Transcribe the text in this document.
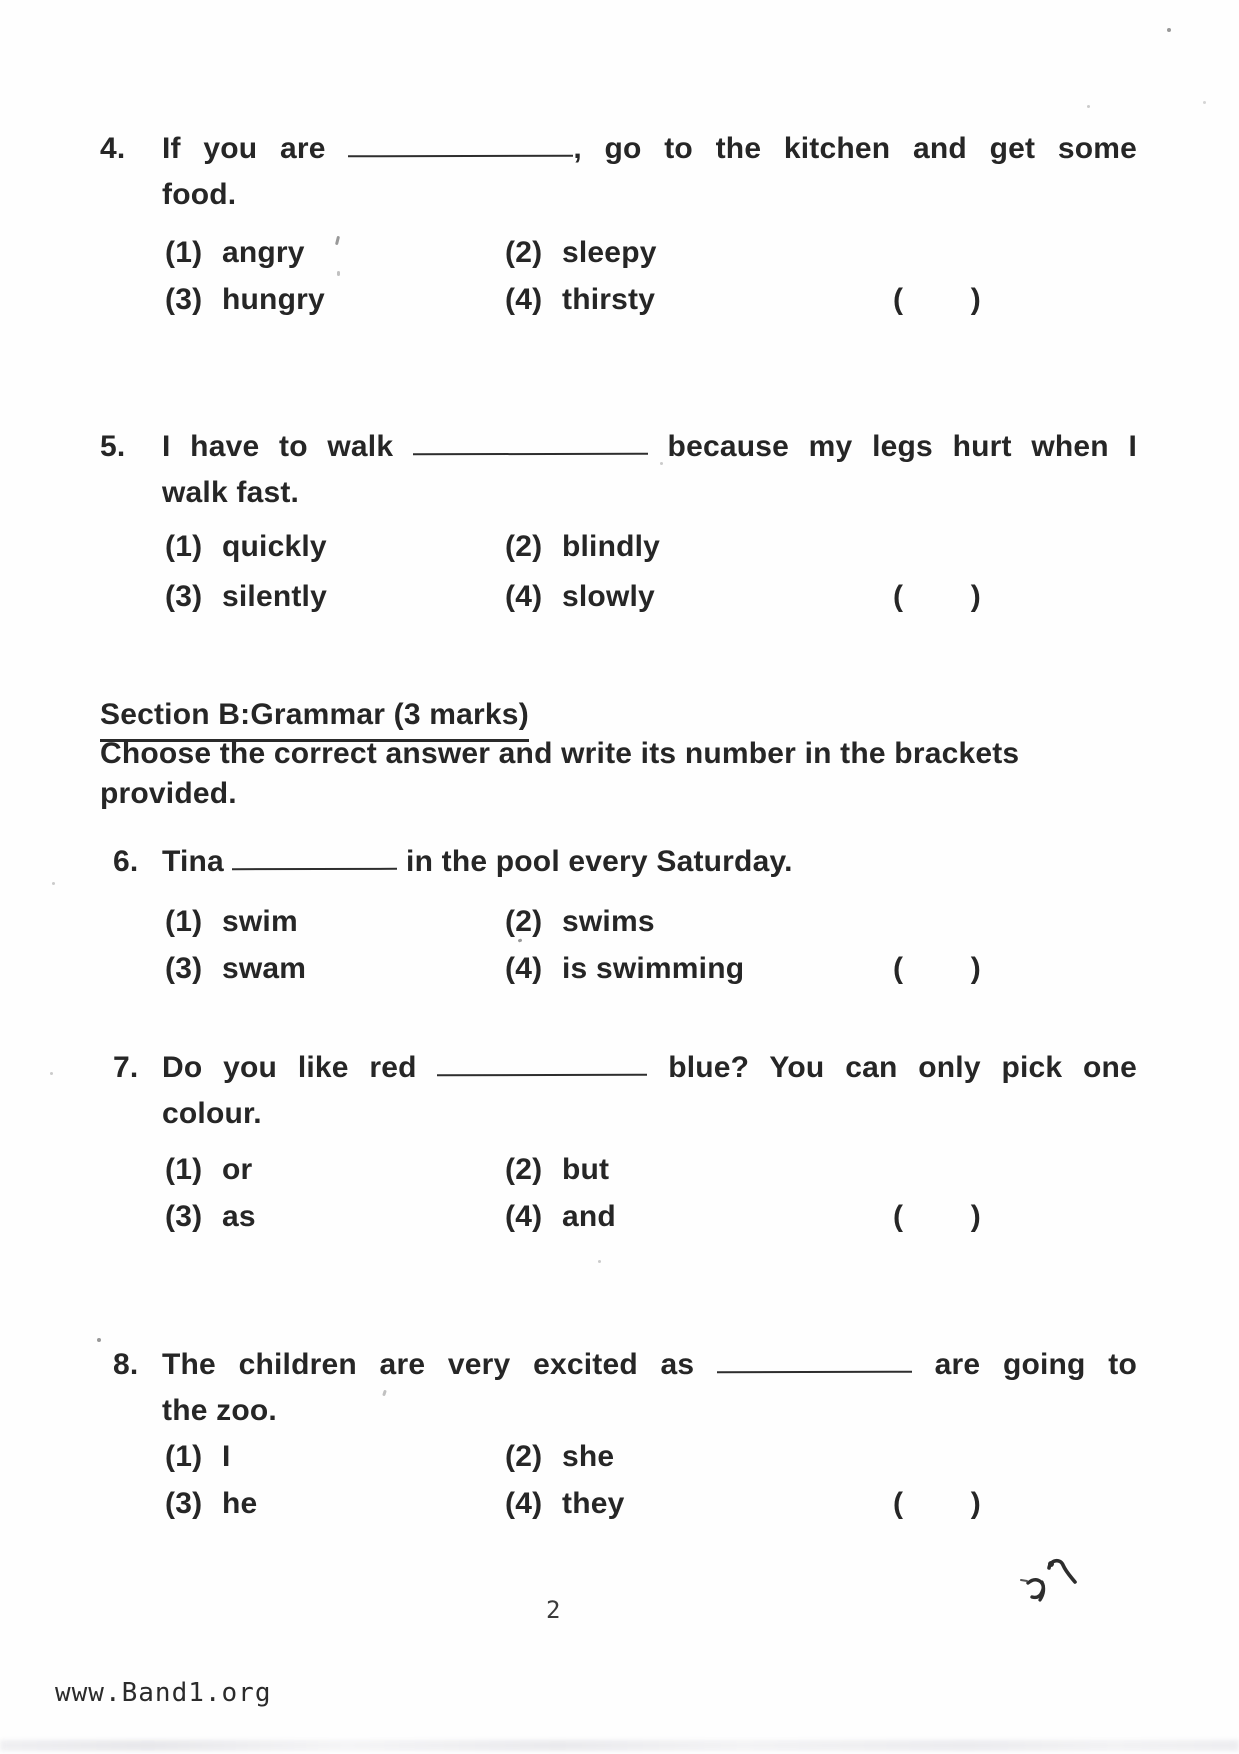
4.	If you are	, go to the kitchen and get some
food.
(1) angry	(2) sleepy
(3) hungry	(4) thirsty	( )
5.	I have to walk	because my legs hurt when I
walk fast.
(1) quickly	(2) blindly
(3) silently	(4) slowly	( )
Section B:Grammar (3 marks)
Choose the correct answer and write its number in the brackets
provided.
6. Tina	in the pool every Saturday.
(1) swim	(2) swims
(3) swam	(4) is swimming	( )
7. Do you like red	blue? You can only pick one
colour.
(1) or	(2) but
(3) as	(4) and	( )
8. The children are very excited as	are going to
the zoo.
(1) I	(2) she
(3) he	(4) they	( )
2
www.Band1.org
